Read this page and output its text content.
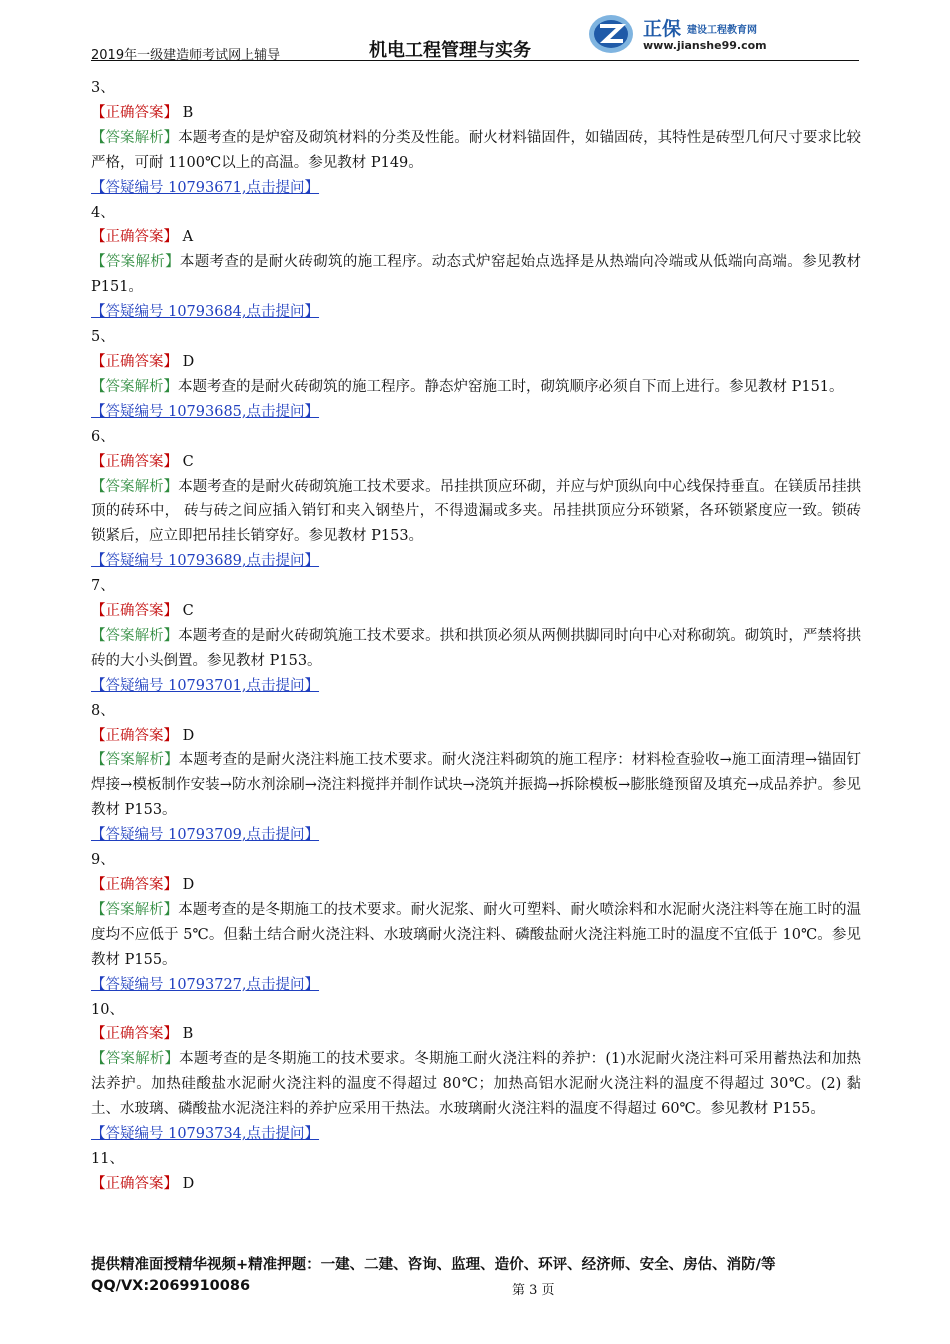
2019年一级建造师考试网上辅导	机电工程管理与实务
正保 建设工程教育网
www.jianshe99.com
3、
【正确答案】 B
【答案解析】本题考查的是炉窑及砌筑材料的分类及性能。耐火材料锚固件，如锚固砖，其特性是砖型几何尺寸要求比较严格，可耐 1100℃以上的高温。参见教材 P149。
【答疑编号 10793671,点击提问】
4、
【正确答案】 A
【答案解析】本题考查的是耐火砖砌筑的施工程序。动态式炉窑起始点选择是从热端向冷端或从低端向高端。参见教材 P151。
【答疑编号 10793684,点击提问】
5、
【正确答案】 D
【答案解析】本题考查的是耐火砖砌筑的施工程序。静态炉窑施工时，砌筑顺序必须自下而上进行。参见教材 P151。
【答疑编号 10793685,点击提问】
6、
【正确答案】 C
【答案解析】本题考查的是耐火砖砌筑施工技术要求。吊挂拱顶应环砌，并应与炉顶纵向中心线保持垂直。在镁质吊挂拱顶的砖环中， 砖与砖之间应插入销钉和夹入钢垫片，不得遗漏或多夹。吊挂拱顶应分环锁紧，各环锁紧度应一致。锁砖锁紧后，应立即把吊挂长销穿好。参见教材 P153。
【答疑编号 10793689,点击提问】
7、
【正确答案】 C
【答案解析】本题考查的是耐火砖砌筑施工技术要求。拱和拱顶必须从两侧拱脚同时向中心对称砌筑。砌筑时，严禁将拱砖的大小头倒置。参见教材 P153。
【答疑编号 10793701,点击提问】
8、
【正确答案】 D
【答案解析】本题考查的是耐火浇注料施工技术要求。耐火浇注料砌筑的施工程序：材料检查验收→施工面清理→锚固钉焊接→模板制作安装→防水剂涂刷→浇注料搅拌并制作试块→浇筑并振捣→拆除模板→膨胀缝预留及填充→成品养护。参见教材 P153。
【答疑编号 10793709,点击提问】
9、
【正确答案】 D
【答案解析】本题考查的是冬期施工的技术要求。耐火泥浆、耐火可塑料、耐火喷涂料和水泥耐火浇注料等在施工时的温度均不应低于 5℃。但黏土结合耐火浇注料、水玻璃耐火浇注料、磷酸盐耐火浇注料施工时的温度不宜低于 10℃。参见教材 P155。
【答疑编号 10793727,点击提问】
10、
【正确答案】 B
【答案解析】本题考查的是冬期施工的技术要求。冬期施工耐火浇注料的养护：(1)水泥耐火浇注料可采用蓄热法和加热法养护。加热硅酸盐水泥耐火浇注料的温度不得超过 80℃；加热高铝水泥耐火浇注料的温度不得超过 30℃。(2) 黏土、水玻璃、磷酸盐水泥浇注料的养护应采用干热法。水玻璃耐火浇注料的温度不得超过 60℃。参见教材 P155。
【答疑编号 10793734,点击提问】
11、
【正确答案】 D
提供精准面授精华视频+精准押题：一建、二建、咨询、监理、造价、环评、经济师、安全、房估、消防/等
QQ/VX:2069910086	第 3 页
